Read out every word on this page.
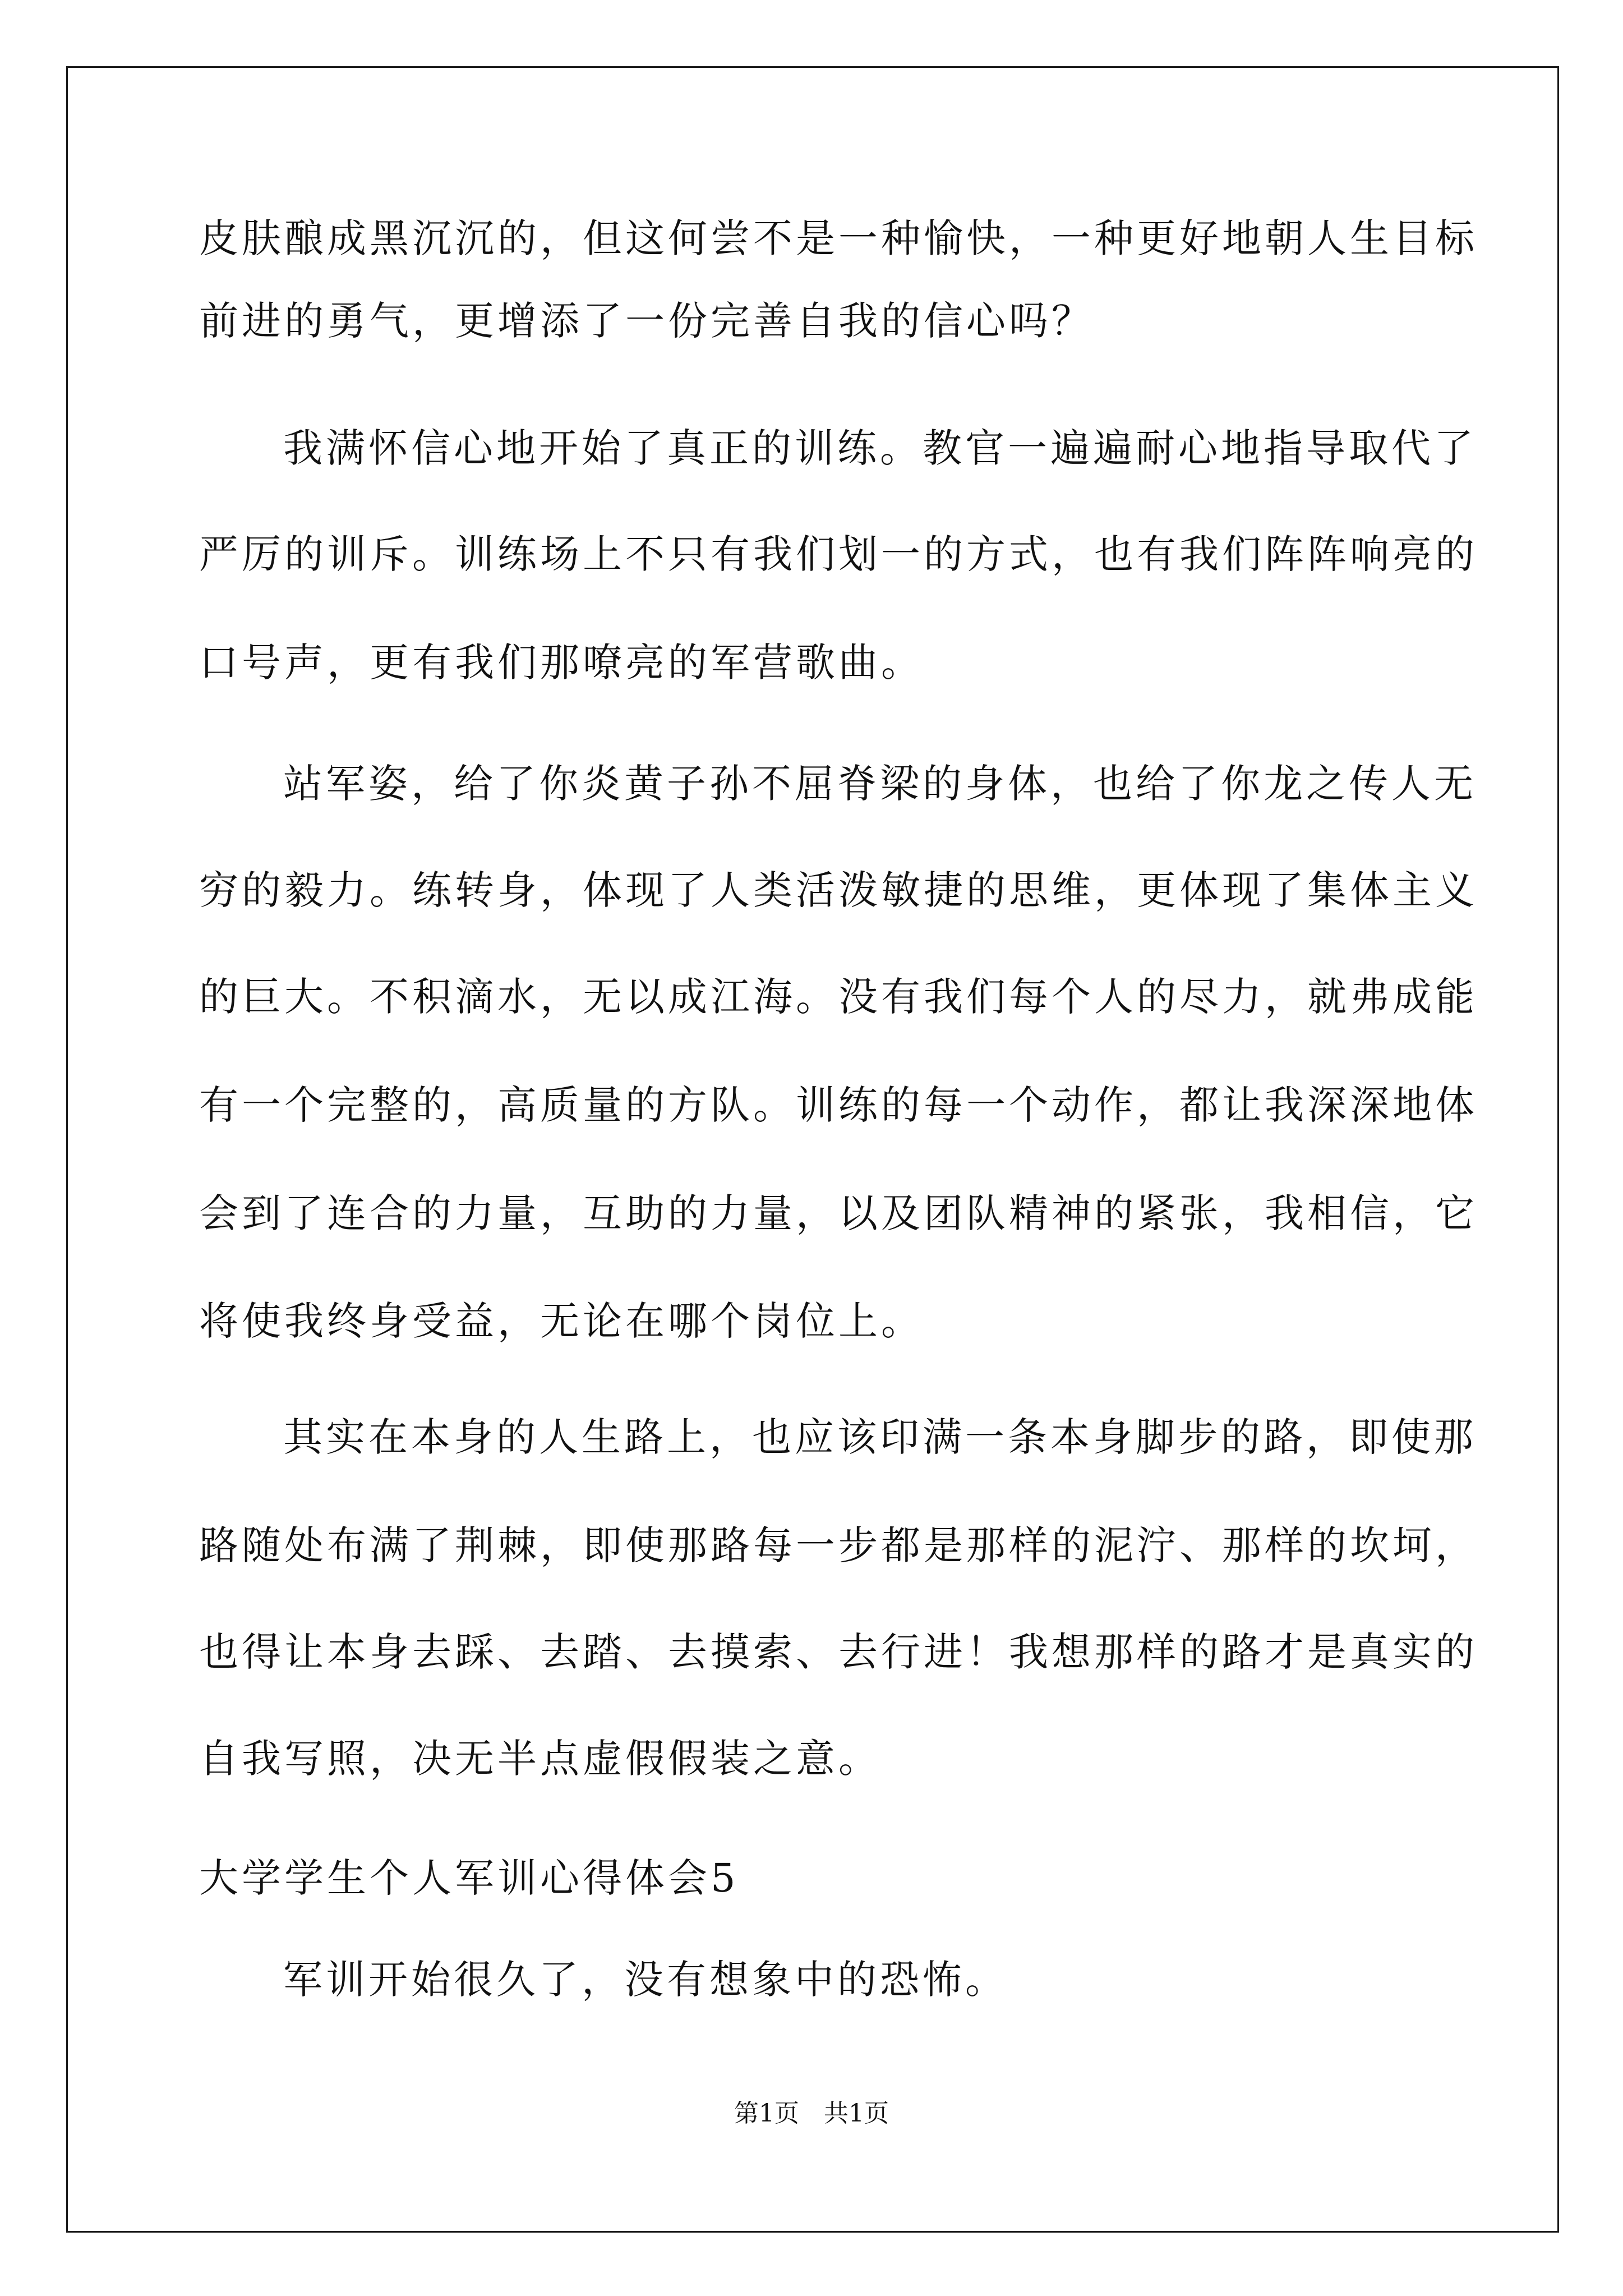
皮肤酿成黑沉沉的，但这何尝不是一种愉快，一种更好地朝人生目标
前进的勇气，更增添了一份完善自我的信心吗？
我满怀信心地开始了真正的训练。教官一遍遍耐心地指导取代了
严厉的训斥。训练场上不只有我们划一的方式，也有我们阵阵响亮的
口号声，更有我们那嘹亮的军营歌曲。
站军姿，给了你炎黄子孙不屈脊梁的身体，也给了你龙之传人无
穷的毅力。练转身，体现了人类活泼敏捷的思维，更体现了集体主义
的巨大。不积滴水，无以成江海。没有我们每个人的尽力，就弗成能
有一个完整的，高质量的方队。训练的每一个动作，都让我深深地体
会到了连合的力量，互助的力量，以及团队精神的紧张，我相信，它
将使我终身受益，无论在哪个岗位上。
其实在本身的人生路上，也应该印满一条本身脚步的路，即使那
路随处布满了荆棘，即使那路每一步都是那样的泥泞、那样的坎坷，
也得让本身去踩、去踏、去摸索、去行进！我想那样的路才是真实的
自我写照，决无半点虚假假装之意。
大学学生个人军训心得体会5
军训开始很久了，没有想象中的恐怖。
第1页　共1页
